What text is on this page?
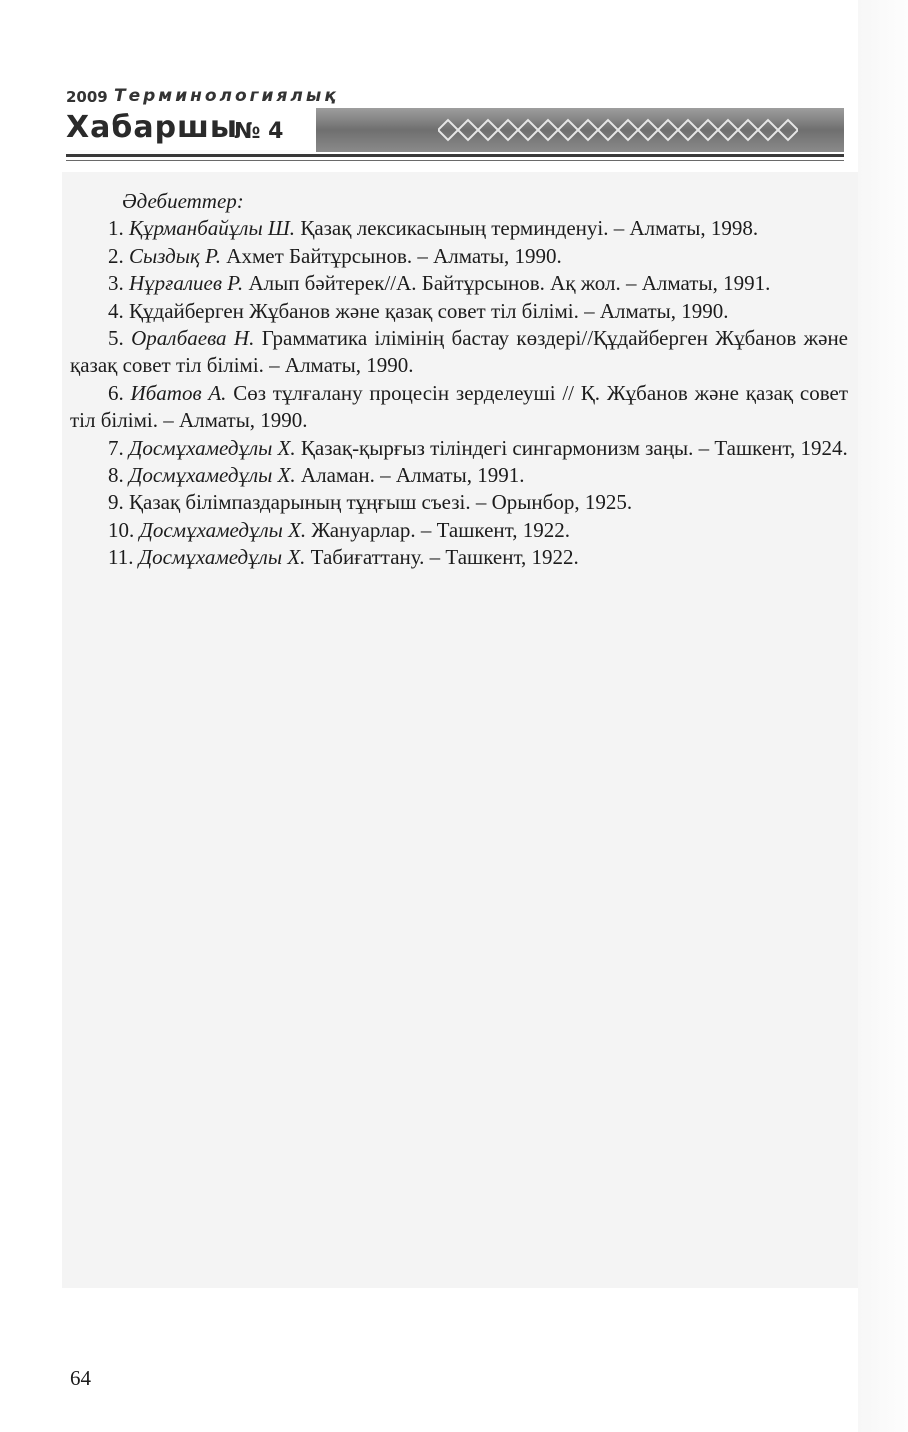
2009 Терминологиялық
Хабаршы
№ 4

Әдебиеттер:

1. Құрманбайұлы Ш. Қазақ лексикасының терминденуі. – Алматы, 1998.

2. Сыздық Р. Ахмет Байтұрсынов. – Алматы, 1990.

3. Нұрғалиев Р. Алып бәйтерек//А. Байтұрсынов. Ақ жол. – Алматы, 1991.

4. Құдайберген Жұбанов және қазақ совет тіл білімі. – Алматы, 1990.

5. Оралбаева Н. Грамматика ілімінің бастау көздері//Құдайберген Жұбанов және қазақ совет тіл білімі. – Алматы, 1990.

6. Ибатов А. Сөз тұлғалану процесін зерделеуші // Қ. Жұбанов және қазақ совет тіл білімі. – Алматы, 1990.

7. Досмұхамедұлы Х. Қазақ-қырғыз тіліндегі сингармонизм заңы. – Ташкент, 1924.

8. Досмұхамедұлы Х. Аламан. – Алматы, 1991.

9. Қазақ білімпаздарының тұңғыш съезі. – Орынбор, 1925.

10. Досмұхамедұлы Х. Жануарлар. – Ташкент, 1922.

11. Досмұхамедұлы Х. Табиғаттану. – Ташкент, 1922.

64
